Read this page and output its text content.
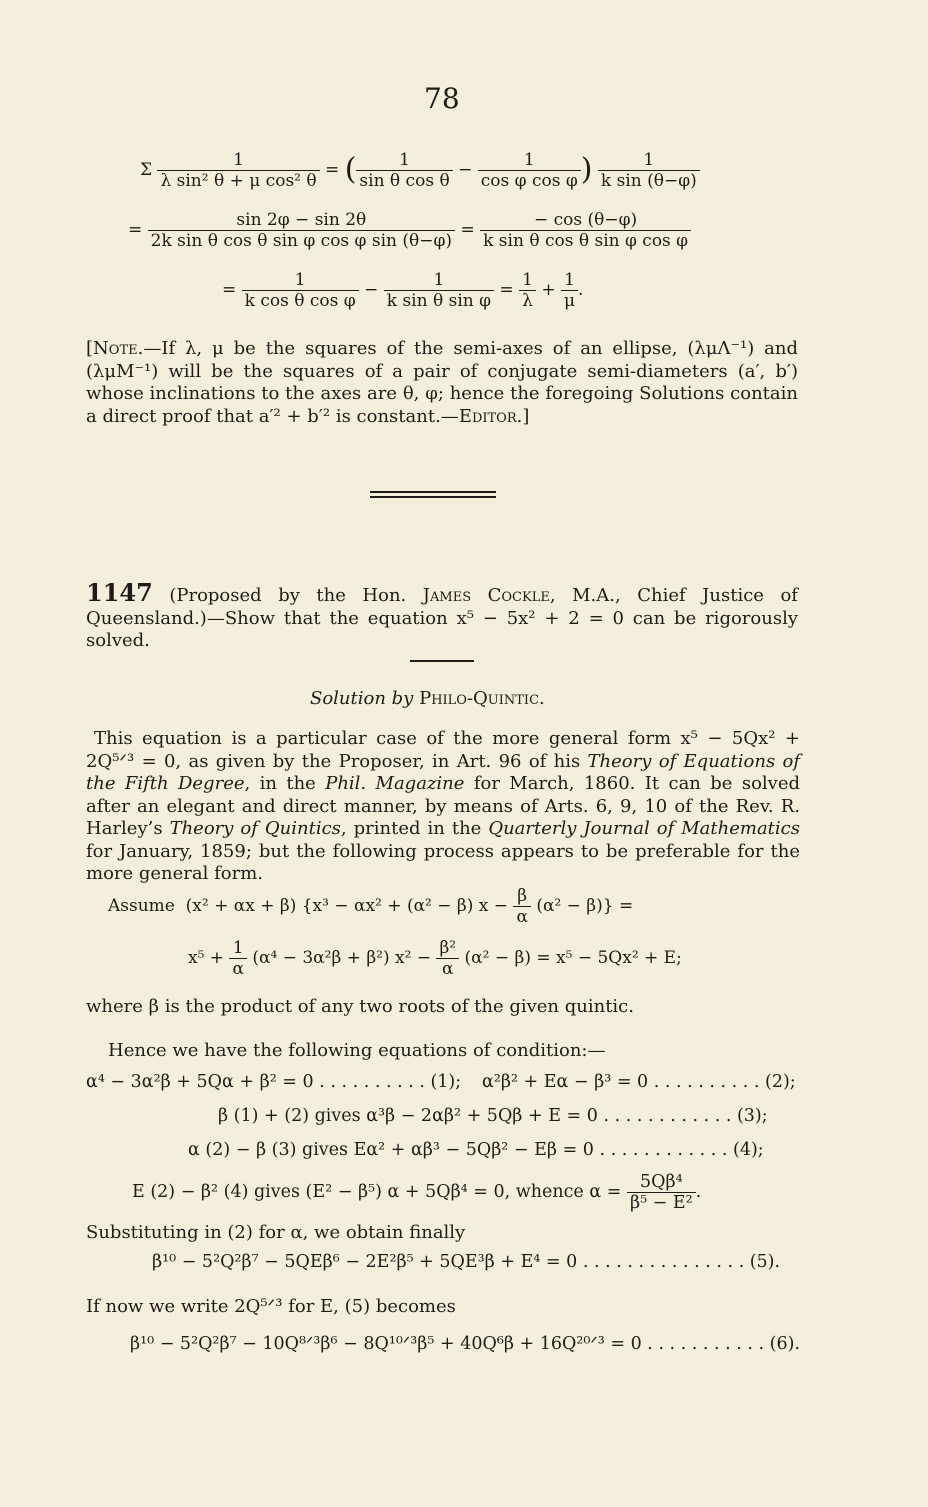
78
Σ $\frac{1}{\text{λ sin² θ + μ cos² θ}}$ = ( $\frac{1}{\text{sin θ cos θ}} - \frac{1}{\text{cos φ cos φ}}$ ) $\frac{1}{\text{k sin (θ−φ)}}$
= $\frac{\sin 2\varphi - \sin 2\theta}{\text{2k sin θ cos θ sin φ cos φ sin (θ−φ)}} = \frac{- \cos (\theta-\varphi)}{\text{k sin θ cos θ sin φ cos φ}}$
= $\frac{1}{\text{k cos θ cos φ}} - \frac{1}{\text{k sin θ sin φ}} = \frac{1}{\lambda} + \frac{1}{\mu}$ .
[Note.—If λ, μ be the squares of the semi-axes of an ellipse, (λμΛ⁻¹) and (λμM⁻¹) will be the squares of a pair of conjugate semi-diameters (a′, b′) whose inclinations to the axes are θ, φ; hence the foregoing Solutions contain a direct proof that a′² + b′² is constant.—Editor.]
1147 (Proposed by the Hon. James Cockle, M.A., Chief Justice of Queensland.)—Show that the equation x⁵ − 5x² + 2 = 0 can be rigorously solved.
Solution by Philo-Quintic.
This equation is a particular case of the more general form x⁵ − 5Qx² + 2Q⁵ᐟ³ = 0, as given by the Proposer, in Art. 96 of his Theory of Equations of the Fifth Degree, in the Phil. Magazine for March, 1860. It can be solved after an elegant and direct manner, by means of Arts. 6, 9, 10 of the Rev. R. Harley’s Theory of Quintics, printed in the Quarterly Journal of Mathematics for January, 1859; but the following process appears to be preferable for the more general form.
Assume (x² + αx + β) {x³ − αx² + (α² − β) $x - \frac{\beta}{\alpha} (\alpha^2 - \beta)$} =
$x^5 + \frac{1}{\alpha} (\alpha^4 - 3\alpha^2\beta + \beta^2) x^2 - \frac{\text{β²}}{\alpha} (\alpha^2 - \beta) = x^5 - 5Qx^2 + E$;
where β is the product of any two roots of the given quintic.
Hence we have the following equations of condition:—
α⁴ − 3α²β + 5Qα + β² = 0 . . . . . . . . . . (1); α²β² + Eα − β³ = 0 . . . . . . . . . . (2);
β (1) + (2) gives α³β − 2αβ² + 5Qβ + E = 0 . . . . . . . . . . . . (3);
α (2) − β (3) gives Eα² + αβ³ − 5Qβ² − Eβ = 0 . . . . . . . . . . . . (4);
E (2) − β² (4) gives (E² − β⁵) α + 5Qβ⁴ = 0, whence $\alpha = \frac{\text{5Qβ⁴}}{\text{β⁵ − E²}}$ .
Substituting in (2) for α, we obtain finally
β¹⁰ − 5²Q²β⁷ − 5QEβ⁶ − 2E²β⁵ + 5QE³β + E⁴ = 0 . . . . . . . . . . . . . . . (5).
If now we write 2Q⁵ᐟ³ for E, (5) becomes
β¹⁰ − 5²Q²β⁷ − 10Q⁸ᐟ³β⁶ − 8Q¹⁰ᐟ³β⁵ + 40Q⁶β + 16Q²⁰ᐟ³ = 0 . . . . . . . . . . . (6).
